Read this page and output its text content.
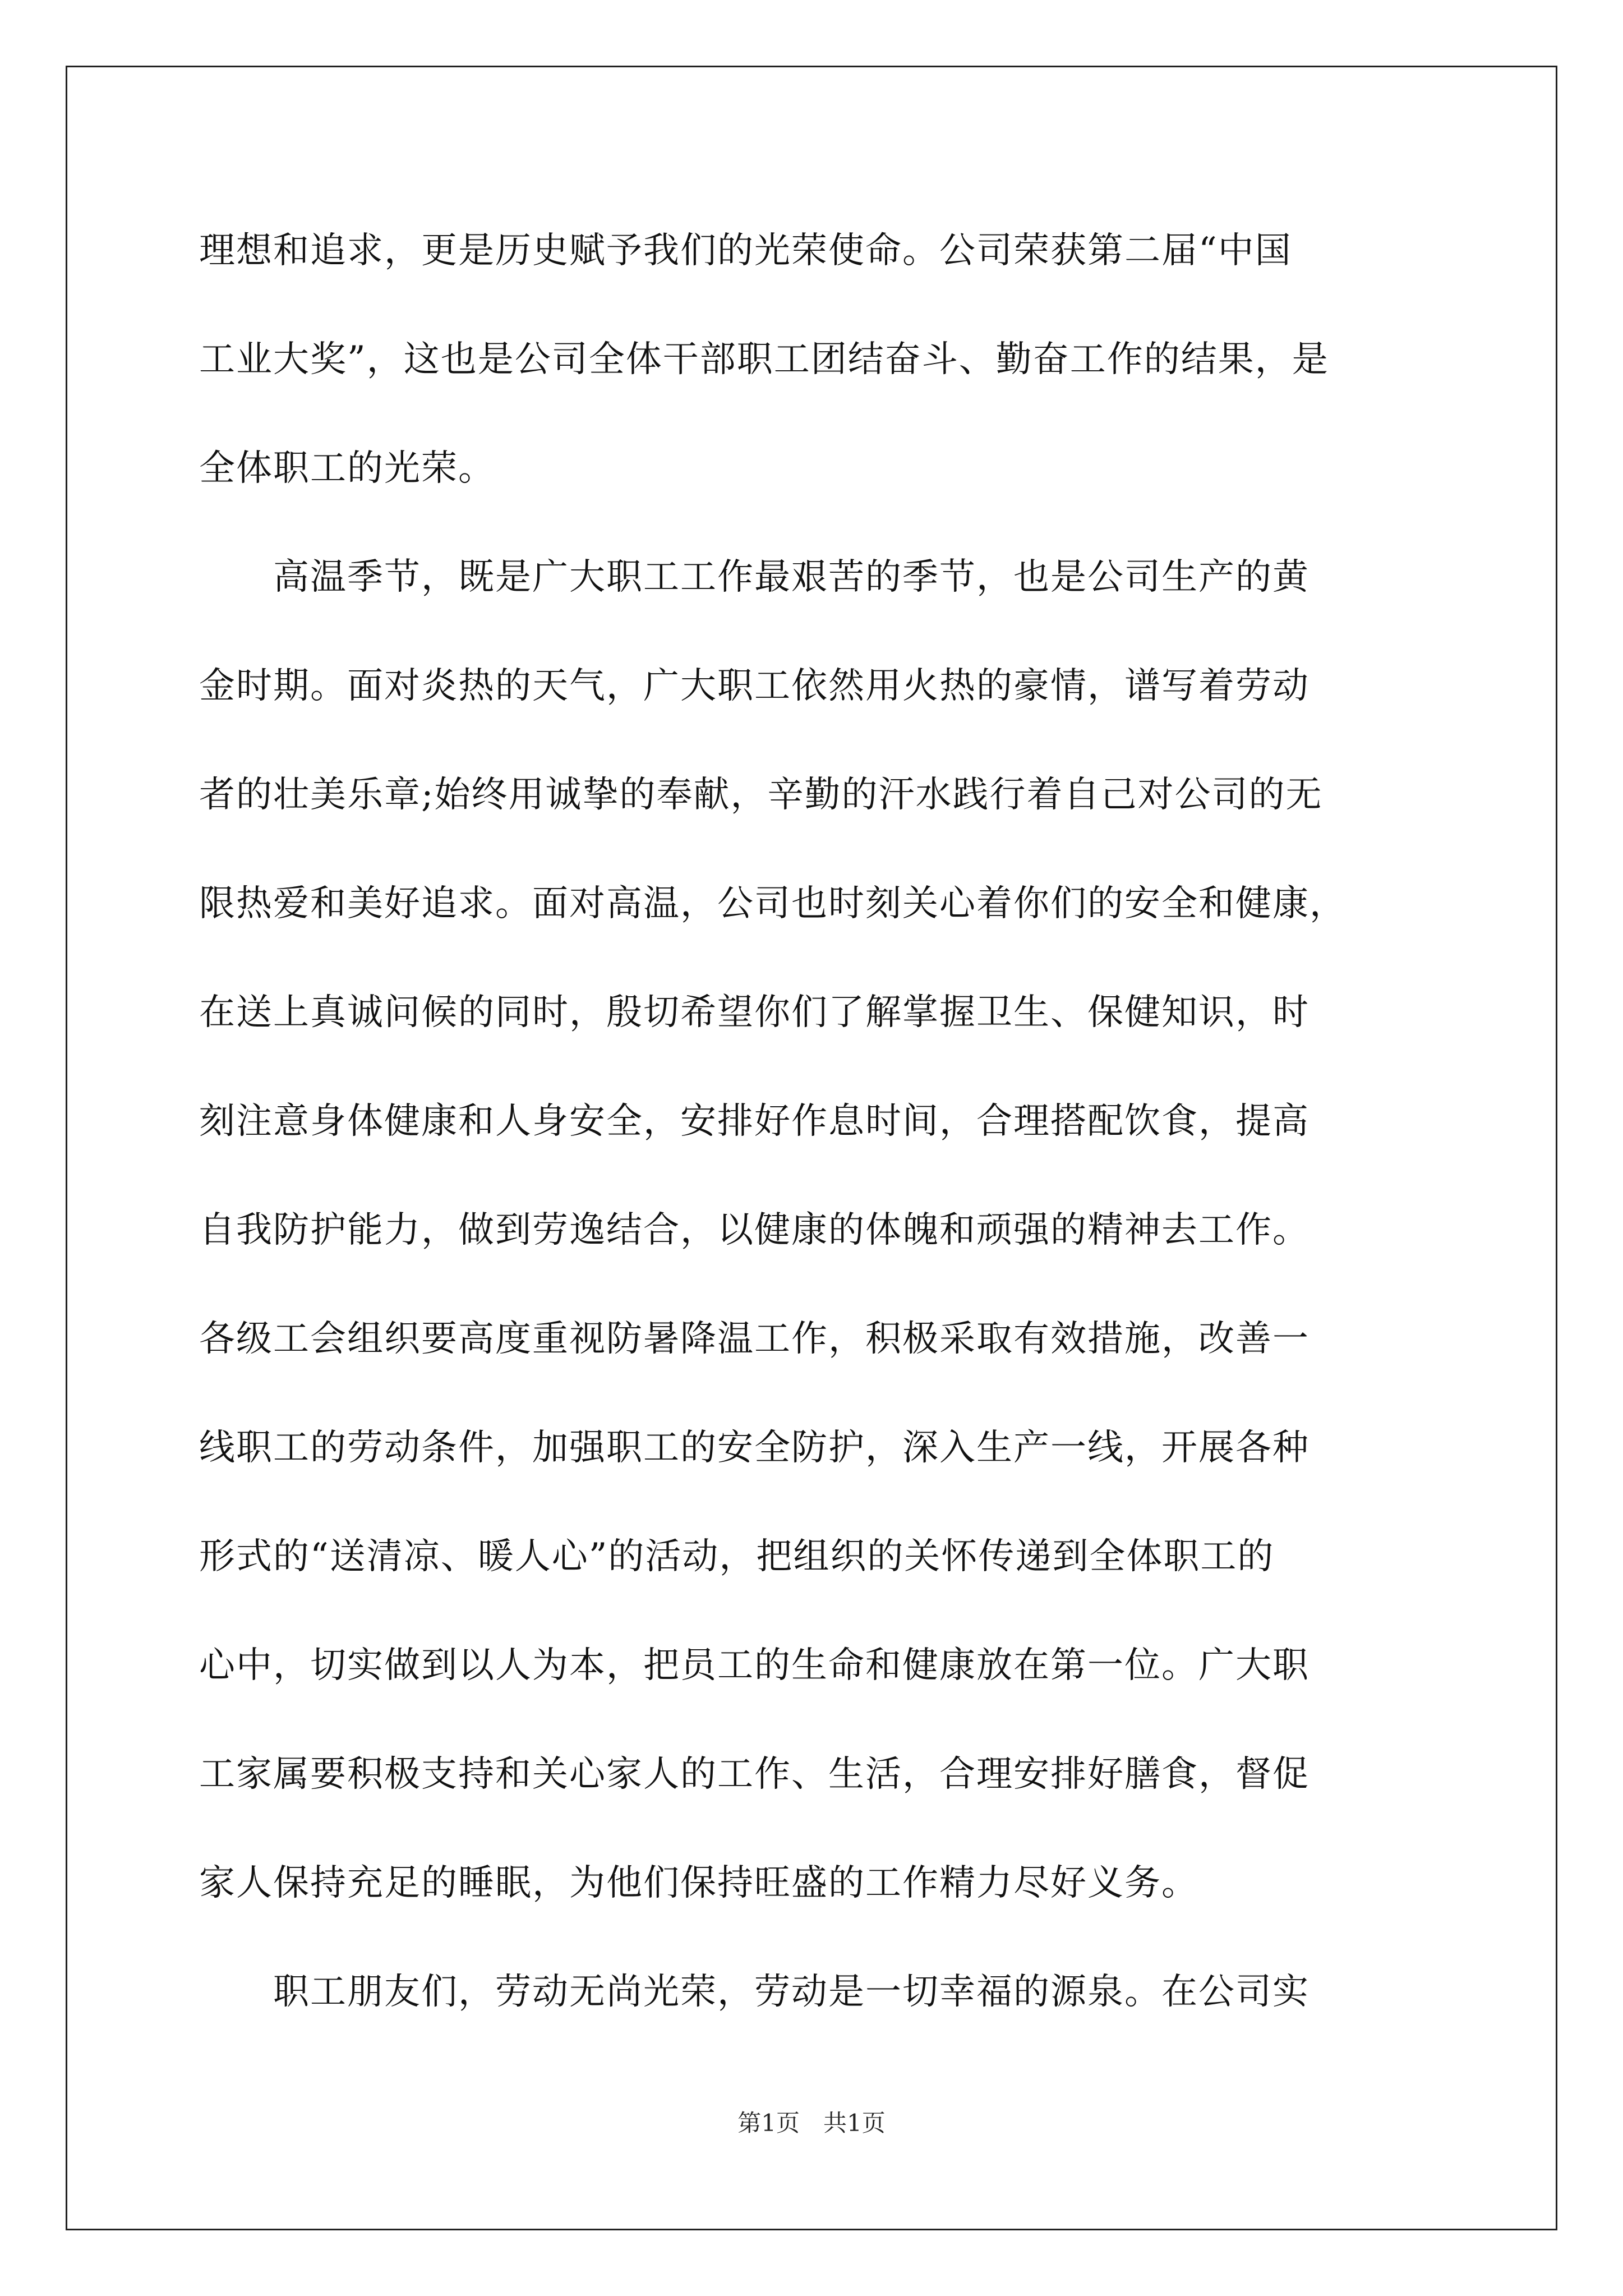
理想和追求，更是历史赋予我们的光荣使命。公司荣获第二届“中国
工业大奖”，这也是公司全体干部职工团结奋斗、勤奋工作的结果，是
全体职工的光荣。
　　高温季节，既是广大职工工作最艰苦的季节，也是公司生产的黄
金时期。面对炎热的天气，广大职工依然用火热的豪情，谱写着劳动
者的壮美乐章;始终用诚挚的奉献，辛勤的汗水践行着自己对公司的无
限热爱和美好追求。面对高温，公司也时刻关心着你们的安全和健康，
在送上真诚问候的同时，殷切希望你们了解掌握卫生、保健知识，时
刻注意身体健康和人身安全，安排好作息时间，合理搭配饮食，提高
自我防护能力，做到劳逸结合，以健康的体魄和顽强的精神去工作。
各级工会组织要高度重视防暑降温工作，积极采取有效措施，改善一
线职工的劳动条件，加强职工的安全防护，深入生产一线，开展各种
形式的“送清凉、暖人心”的活动，把组织的关怀传递到全体职工的
心中，切实做到以人为本，把员工的生命和健康放在第一位。广大职
工家属要积极支持和关心家人的工作、生活，合理安排好膳食，督促
家人保持充足的睡眠，为他们保持旺盛的工作精力尽好义务。
　　职工朋友们，劳动无尚光荣，劳动是一切幸福的源泉。在公司实
第1页　共1页
